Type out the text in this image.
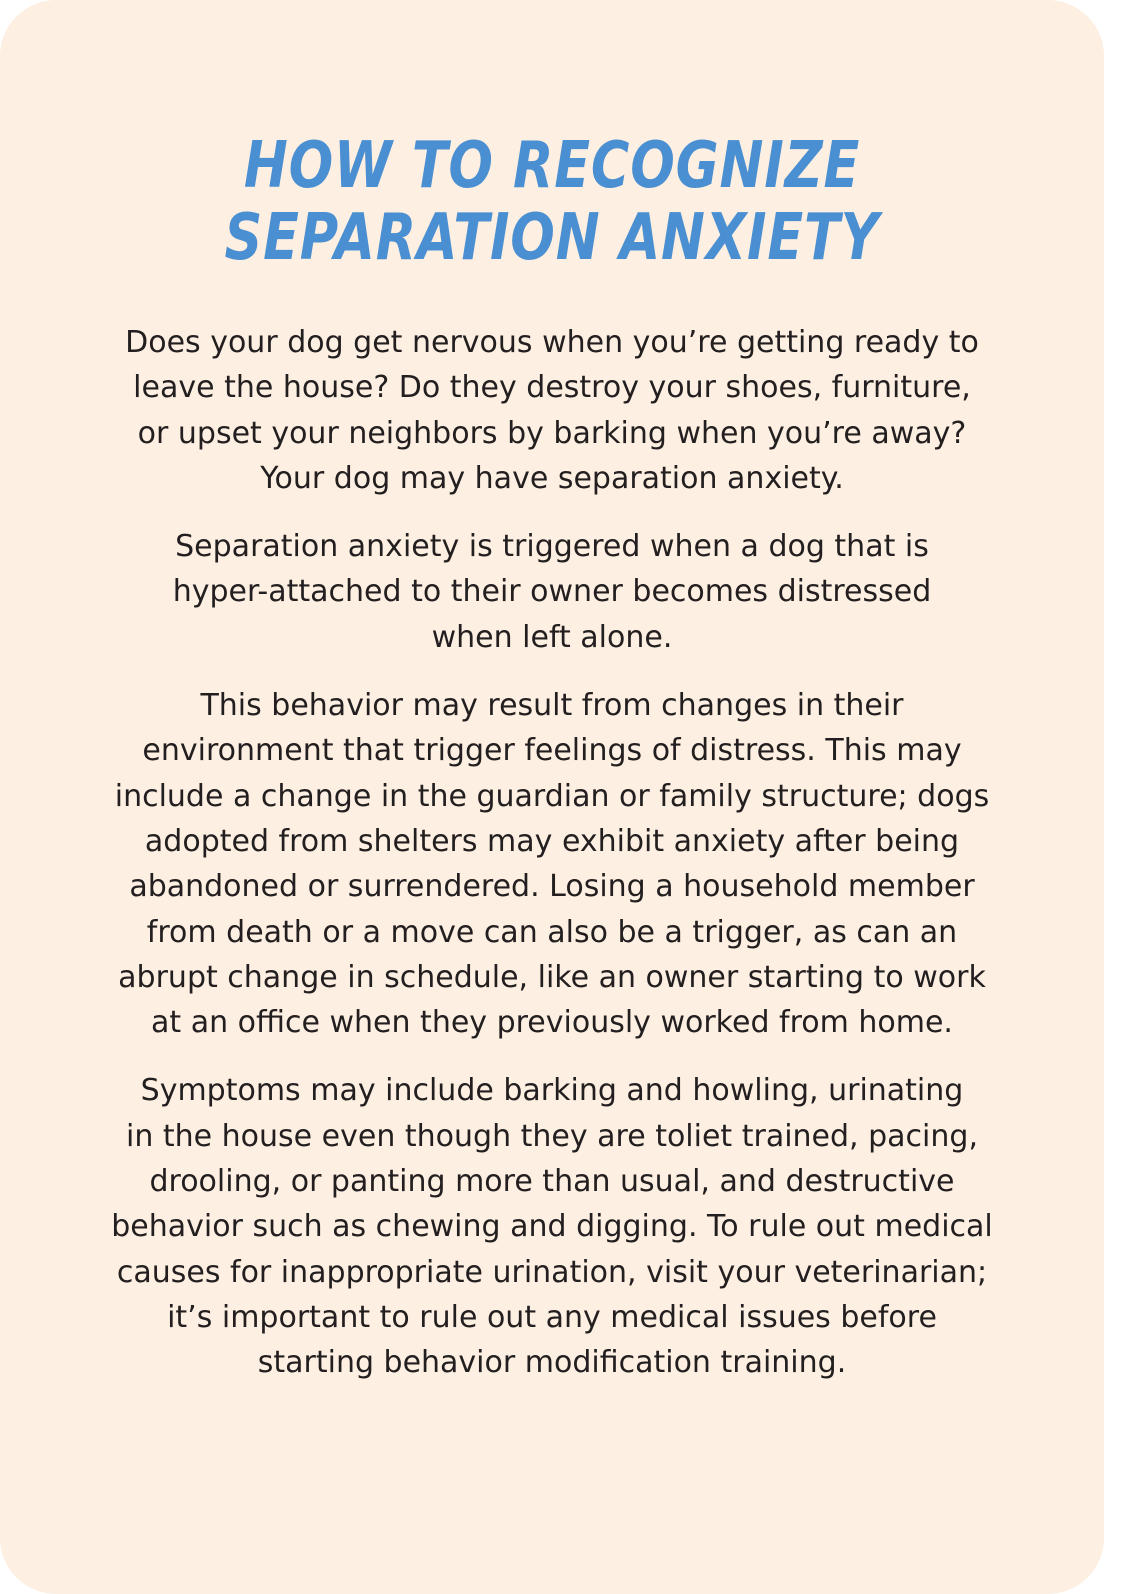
HOW TO RECOGNIZE
SEPARATION ANXIETY

Does your dog get nervous when you’re getting ready to
leave the house? Do they destroy your shoes, furniture,
or upset your neighbors by barking when you’re away?
Your dog may have separation anxiety.

Separation anxiety is triggered when a dog that is
hyper-attached to their owner becomes distressed
when left alone.

This behavior may result from changes in their
environment that trigger feelings of distress. This may
include a change in the guardian or family structure; dogs
adopted from shelters may exhibit anxiety after being
abandoned or surrendered. Losing a household member
from death or a move can also be a trigger, as can an
abrupt change in schedule, like an owner starting to work
at an office when they previously worked from home.

Symptoms may include barking and howling, urinating
in the house even though they are toliet trained, pacing,
drooling, or panting more than usual, and destructive
behavior such as chewing and digging. To rule out medical
causes for inappropriate urination, visit your veterinarian;
it’s important to rule out any medical issues before
starting behavior modification training.
